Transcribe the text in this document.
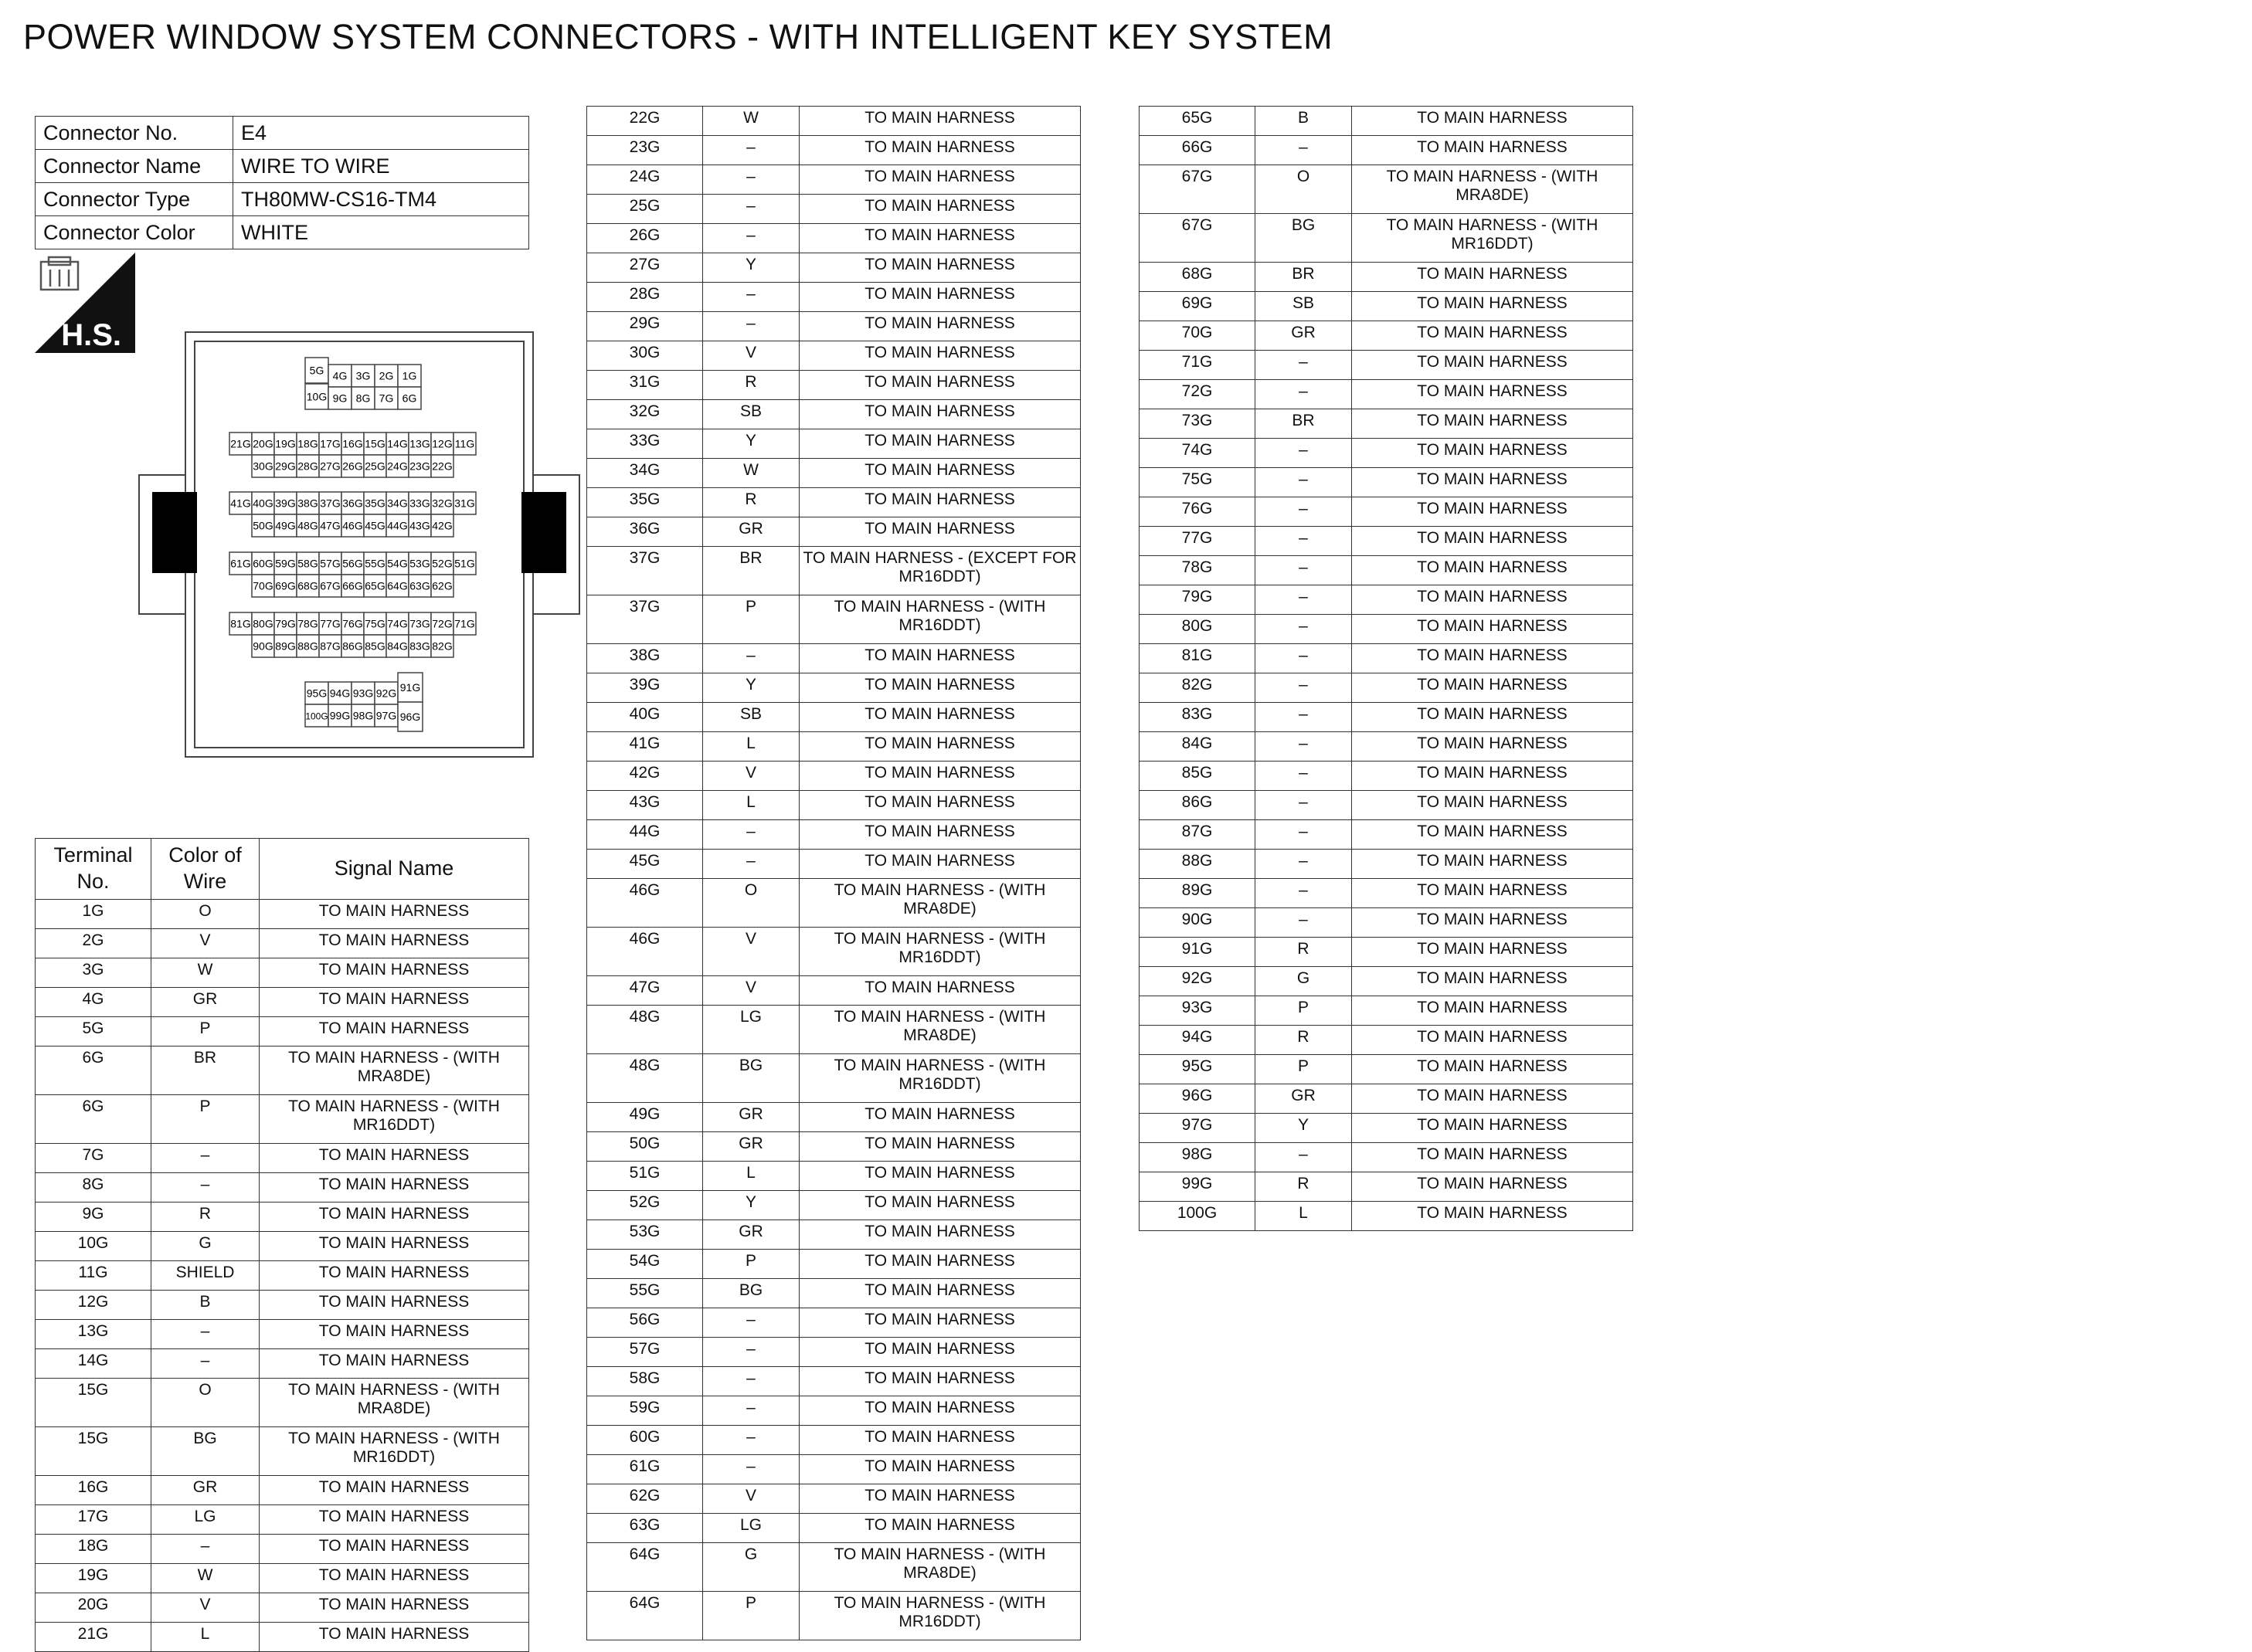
POWER WINDOW SYSTEM CONNECTORS - WITH INTELLIGENT KEY SYSTEM
Connector No.	E4
Connector Name	WIRE TO WIRE
Connector Type	TH80MW-CS16-TM4
Connector Color	WHITE
H.S.
5G 4G 3G 2G 1G
10G 9G 8G 7G 6G
21G 20G 19G 18G 17G 16G 15G 14G 13G 12G 11G
30G 29G 28G 27G 26G 25G 24G 23G 22G
41G 40G 39G 38G 37G 36G 35G 34G 33G 32G 31G
50G 49G 48G 47G 46G 45G 44G 43G 42G
61G 60G 59G 58G 57G 56G 55G 54G 53G 52G 51G
70G 69G 68G 67G 66G 65G 64G 63G 62G
81G 80G 79G 78G 77G 76G 75G 74G 73G 72G 71G
90G 89G 88G 87G 86G 85G 84G 83G 82G
95G 94G 93G 92G 91G
100G 99G 98G 97G 96G
Terminal No.	Color of Wire	Signal Name
1G	O	TO MAIN HARNESS
2G	V	TO MAIN HARNESS
3G	W	TO MAIN HARNESS
4G	GR	TO MAIN HARNESS
5G	P	TO MAIN HARNESS
6G	BR	TO MAIN HARNESS - (WITH MRA8DE)
6G	P	TO MAIN HARNESS - (WITH MR16DDT)
7G	–	TO MAIN HARNESS
8G	–	TO MAIN HARNESS
9G	R	TO MAIN HARNESS
10G	G	TO MAIN HARNESS
11G	SHIELD	TO MAIN HARNESS
12G	B	TO MAIN HARNESS
13G	–	TO MAIN HARNESS
14G	–	TO MAIN HARNESS
15G	O	TO MAIN HARNESS - (WITH MRA8DE)
15G	BG	TO MAIN HARNESS - (WITH MR16DDT)
16G	GR	TO MAIN HARNESS
17G	LG	TO MAIN HARNESS
18G	–	TO MAIN HARNESS
19G	W	TO MAIN HARNESS
20G	V	TO MAIN HARNESS
21G	L	TO MAIN HARNESS
22G	W	TO MAIN HARNESS
23G	–	TO MAIN HARNESS
24G	–	TO MAIN HARNESS
25G	–	TO MAIN HARNESS
26G	–	TO MAIN HARNESS
27G	Y	TO MAIN HARNESS
28G	–	TO MAIN HARNESS
29G	–	TO MAIN HARNESS
30G	V	TO MAIN HARNESS
31G	R	TO MAIN HARNESS
32G	SB	TO MAIN HARNESS
33G	Y	TO MAIN HARNESS
34G	W	TO MAIN HARNESS
35G	R	TO MAIN HARNESS
36G	GR	TO MAIN HARNESS
37G	BR	TO MAIN HARNESS - (EXCEPT FOR MR16DDT)
37G	P	TO MAIN HARNESS - (WITH MR16DDT)
38G	–	TO MAIN HARNESS
39G	Y	TO MAIN HARNESS
40G	SB	TO MAIN HARNESS
41G	L	TO MAIN HARNESS
42G	V	TO MAIN HARNESS
43G	L	TO MAIN HARNESS
44G	–	TO MAIN HARNESS
45G	–	TO MAIN HARNESS
46G	O	TO MAIN HARNESS - (WITH MRA8DE)
46G	V	TO MAIN HARNESS - (WITH MR16DDT)
47G	V	TO MAIN HARNESS
48G	LG	TO MAIN HARNESS - (WITH MRA8DE)
48G	BG	TO MAIN HARNESS - (WITH MR16DDT)
49G	GR	TO MAIN HARNESS
50G	GR	TO MAIN HARNESS
51G	L	TO MAIN HARNESS
52G	Y	TO MAIN HARNESS
53G	GR	TO MAIN HARNESS
54G	P	TO MAIN HARNESS
55G	BG	TO MAIN HARNESS
56G	–	TO MAIN HARNESS
57G	–	TO MAIN HARNESS
58G	–	TO MAIN HARNESS
59G	–	TO MAIN HARNESS
60G	–	TO MAIN HARNESS
61G	–	TO MAIN HARNESS
62G	V	TO MAIN HARNESS
63G	LG	TO MAIN HARNESS
64G	G	TO MAIN HARNESS - (WITH MRA8DE)
64G	P	TO MAIN HARNESS - (WITH MR16DDT)
65G	B	TO MAIN HARNESS
66G	–	TO MAIN HARNESS
67G	O	TO MAIN HARNESS - (WITH MRA8DE)
67G	BG	TO MAIN HARNESS - (WITH MR16DDT)
68G	BR	TO MAIN HARNESS
69G	SB	TO MAIN HARNESS
70G	GR	TO MAIN HARNESS
71G	–	TO MAIN HARNESS
72G	–	TO MAIN HARNESS
73G	BR	TO MAIN HARNESS
74G	–	TO MAIN HARNESS
75G	–	TO MAIN HARNESS
76G	–	TO MAIN HARNESS
77G	–	TO MAIN HARNESS
78G	–	TO MAIN HARNESS
79G	–	TO MAIN HARNESS
80G	–	TO MAIN HARNESS
81G	–	TO MAIN HARNESS
82G	–	TO MAIN HARNESS
83G	–	TO MAIN HARNESS
84G	–	TO MAIN HARNESS
85G	–	TO MAIN HARNESS
86G	–	TO MAIN HARNESS
87G	–	TO MAIN HARNESS
88G	–	TO MAIN HARNESS
89G	–	TO MAIN HARNESS
90G	–	TO MAIN HARNESS
91G	R	TO MAIN HARNESS
92G	G	TO MAIN HARNESS
93G	P	TO MAIN HARNESS
94G	R	TO MAIN HARNESS
95G	P	TO MAIN HARNESS
96G	GR	TO MAIN HARNESS
97G	Y	TO MAIN HARNESS
98G	–	TO MAIN HARNESS
99G	R	TO MAIN HARNESS
100G	L	TO MAIN HARNESS
